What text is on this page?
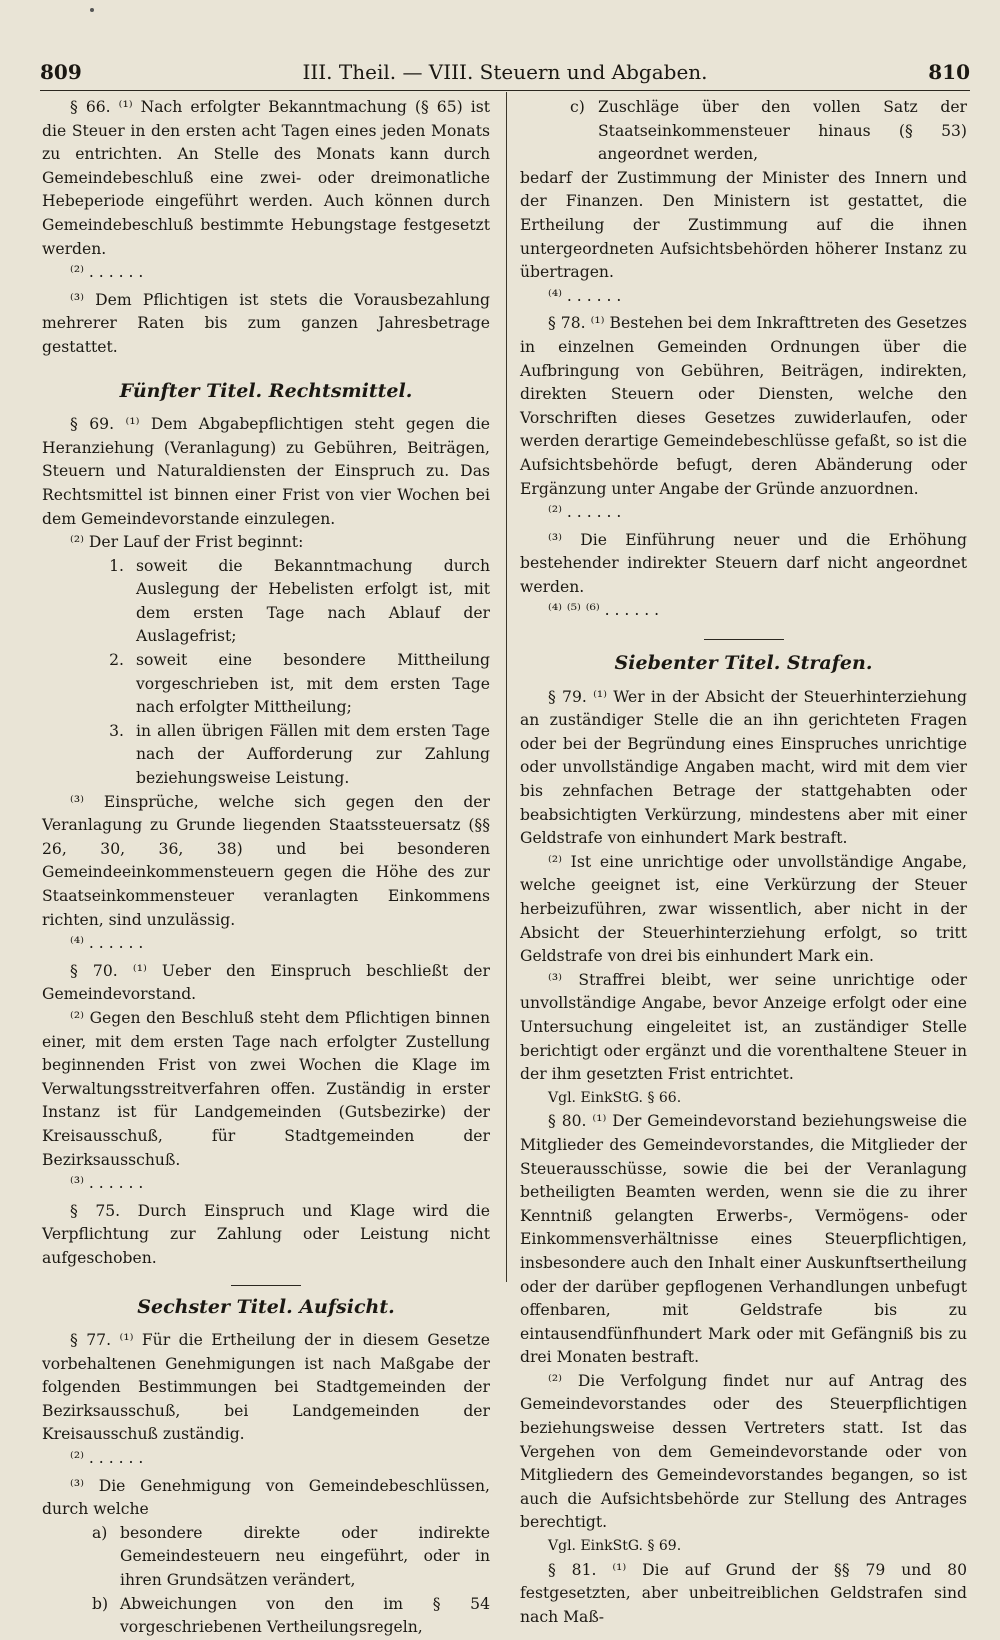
809	III. Theil. — VIII. Steuern und Abgaben.	810

§ 66. ⁽¹⁾ Nach erfolgter Bekanntmachung (§ 65) ist die Steuer in den ersten acht Tagen eines jeden Monats zu entrichten. An Stelle des Monats kann durch Gemeindebeschluß eine zwei- oder dreimonatliche Hebeperiode eingeführt werden. Auch können durch Gemeindebeschluß bestimmte Hebungstage festgesetzt werden.

⁽²⁾ . . . . . .

⁽³⁾ Dem Pflichtigen ist stets die Vorausbezahlung mehrerer Raten bis zum ganzen Jahresbetrage gestattet.

Fünfter Titel. Rechtsmittel.

§ 69. ⁽¹⁾ Dem Abgabepflichtigen steht gegen die Heranziehung (Veranlagung) zu Gebühren, Beiträgen, Steuern und Naturaldiensten der Einspruch zu. Das Rechtsmittel ist binnen einer Frist von vier Wochen bei dem Gemeindevorstande einzulegen.

⁽²⁾ Der Lauf der Frist beginnt:

1. soweit die Bekanntmachung durch Auslegung der Hebelisten erfolgt ist, mit dem ersten Tage nach Ablauf der Auslagefrist;
2. soweit eine besondere Mittheilung vorgeschrieben ist, mit dem ersten Tage nach erfolgter Mittheilung;
3. in allen übrigen Fällen mit dem ersten Tage nach der Aufforderung zur Zahlung beziehungsweise Leistung.

⁽³⁾ Einsprüche, welche sich gegen den der Veranlagung zu Grunde liegenden Staatssteuersatz (§§ 26, 30, 36, 38) und bei besonderen Gemeindeeinkommensteuern gegen die Höhe des zur Staatseinkommensteuer veranlagten Einkommens richten, sind unzulässig.

⁽⁴⁾ . . . . . .

§ 70. ⁽¹⁾ Ueber den Einspruch beschließt der Gemeindevorstand.

⁽²⁾ Gegen den Beschluß steht dem Pflichtigen binnen einer, mit dem ersten Tage nach erfolgter Zustellung beginnenden Frist von zwei Wochen die Klage im Verwaltungsstreitverfahren offen. Zuständig in erster Instanz ist für Landgemeinden (Gutsbezirke) der Kreisausschuß, für Stadtgemeinden der Bezirksausschuß.

⁽³⁾ . . . . . .

§ 75. Durch Einspruch und Klage wird die Verpflichtung zur Zahlung oder Leistung nicht aufgeschoben.

Sechster Titel. Aufsicht.

§ 77. ⁽¹⁾ Für die Ertheilung der in diesem Gesetze vorbehaltenen Genehmigungen ist nach Maßgabe der folgenden Bestimmungen bei Stadtgemeinden der Bezirksausschuß, bei Landgemeinden der Kreisausschuß zuständig.

⁽²⁾ . . . . . .

⁽³⁾ Die Genehmigung von Gemeindebeschlüssen, durch welche

a) besondere direkte oder indirekte Gemeindesteuern neu eingeführt, oder in ihren Grundsätzen verändert,
b) Abweichungen von den im § 54 vorgeschriebenen Vertheilungsregeln,
c) Zuschläge über den vollen Satz der Staatseinkommensteuer hinaus (§ 53) angeordnet werden,

bedarf der Zustimmung der Minister des Innern und der Finanzen. Den Ministern ist gestattet, die Ertheilung der Zustimmung auf die ihnen untergeordneten Aufsichtsbehörden höherer Instanz zu übertragen.

⁽⁴⁾ . . . . . .

§ 78. ⁽¹⁾ Bestehen bei dem Inkrafttreten des Gesetzes in einzelnen Gemeinden Ordnungen über die Aufbringung von Gebühren, Beiträgen, indirekten, direkten Steuern oder Diensten, welche den Vorschriften dieses Gesetzes zuwiderlaufen, oder werden derartige Gemeindebeschlüsse gefaßt, so ist die Aufsichtsbehörde befugt, deren Abänderung oder Ergänzung unter Angabe der Gründe anzuordnen.

⁽²⁾ . . . . . .

⁽³⁾ Die Einführung neuer und die Erhöhung bestehender indirekter Steuern darf nicht angeordnet werden.

⁽⁴⁾ ⁽⁵⁾ ⁽⁶⁾ . . . . . .

Siebenter Titel. Strafen.

§ 79. ⁽¹⁾ Wer in der Absicht der Steuerhinterziehung an zuständiger Stelle die an ihn gerichteten Fragen oder bei der Begründung eines Einspruches unrichtige oder unvollständige Angaben macht, wird mit dem vier bis zehnfachen Betrage der stattgehabten oder beabsichtigten Verkürzung, mindestens aber mit einer Geldstrafe von einhundert Mark bestraft.

⁽²⁾ Ist eine unrichtige oder unvollständige Angabe, welche geeignet ist, eine Verkürzung der Steuer herbeizuführen, zwar wissentlich, aber nicht in der Absicht der Steuerhinterziehung erfolgt, so tritt Geldstrafe von drei bis einhundert Mark ein.

⁽³⁾ Straffrei bleibt, wer seine unrichtige oder unvollständige Angabe, bevor Anzeige erfolgt oder eine Untersuchung eingeleitet ist, an zuständiger Stelle berichtigt oder ergänzt und die vorenthaltene Steuer in der ihm gesetzten Frist entrichtet.

Vgl. EinkStG. § 66.

§ 80. ⁽¹⁾ Der Gemeindevorstand beziehungsweise die Mitglieder des Gemeindevorstandes, die Mitglieder der Steuerausschüsse, sowie die bei der Veranlagung betheiligten Beamten werden, wenn sie die zu ihrer Kenntniß gelangten Erwerbs-, Vermögens- oder Einkommensverhältnisse eines Steuerpflichtigen, insbesondere auch den Inhalt einer Auskunftsertheilung oder der darüber gepflogenen Verhandlungen unbefugt offenbaren, mit Geldstrafe bis zu eintausendfünfhundert Mark oder mit Gefängniß bis zu drei Monaten bestraft.

⁽²⁾ Die Verfolgung findet nur auf Antrag des Gemeindevorstandes oder des Steuerpflichtigen beziehungsweise dessen Vertreters statt. Ist das Vergehen von dem Gemeindevorstande oder von Mitgliedern des Gemeindevorstandes begangen, so ist auch die Aufsichtsbehörde zur Stellung des Antrages berechtigt.

Vgl. EinkStG. § 69.

§ 81. ⁽¹⁾ Die auf Grund der §§ 79 und 80 festgesetzten, aber unbeitreiblichen Geldstrafen sind nach Maß-
